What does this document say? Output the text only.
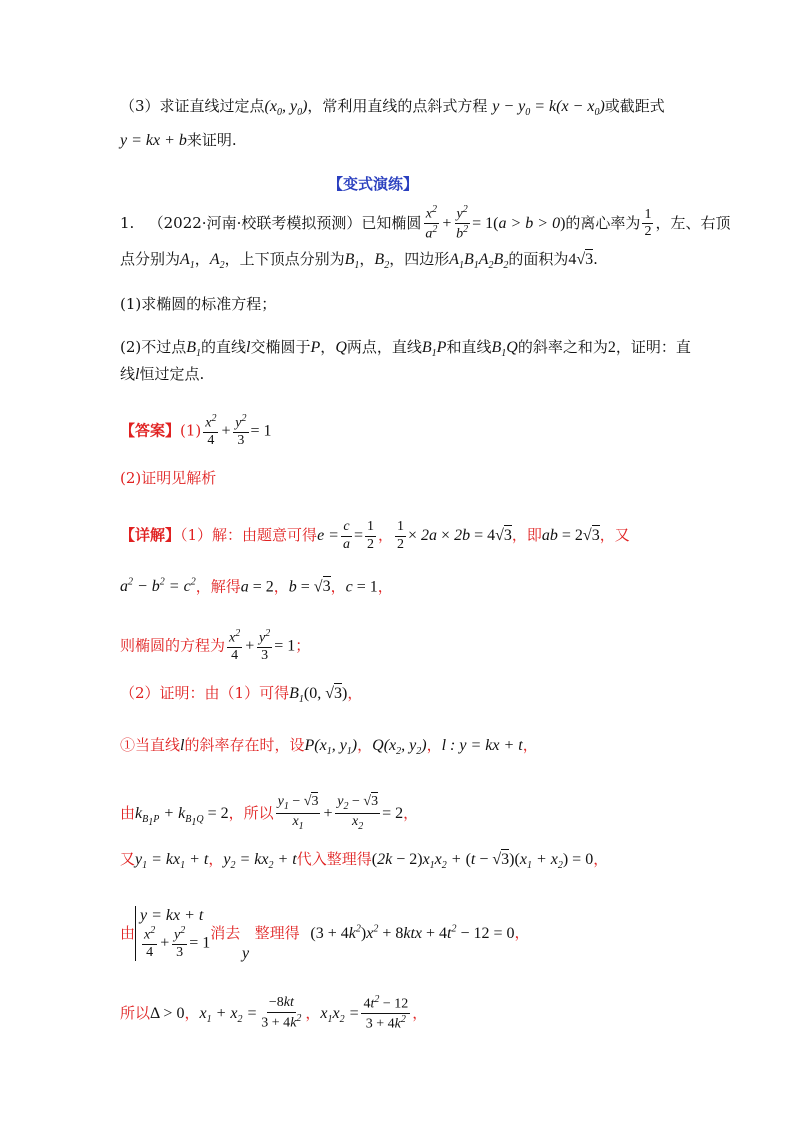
（3）求证直线过定点($x_0$, $y_0$)，常利用直线的点斜式方程 $y - y_0 = k(x - x_0)$或截距式
y = kx + b来证明.
【变式演练】
1. （2022·河南·校联考模拟预测）已知椭圆 $\frac{x^2}{a^2} + \frac{y^2}{b^2} = 1(a > b > 0)$的离心率为 $\frac{1}{2}$ ，左、右顶
点分别为$A_1$，$A_2$，上下顶点分别为$B_1$，$B_2$，四边形$A_1B_1A_2B_2$的面积为4√3.
(1)求椭圆的标准方程；
(2)不过点$B_1$的直线l交椭圆于P，Q两点，直线$B_1P$和直线$B_1Q$的斜率之和为2，证明：直
线l恒过定点.
【答案】$(1) \frac{x^2}{4} + \frac{y^2}{3} = 1$
(2)证明见解析
【详解】（1）解：由题意可得$e = \frac{c}{a} = \frac{1}{2}$ ， $\frac{1}{2} \times 2a \times 2b = 4√3$，即ab = 2√3，又
$a^2 - b^2 = c^2$，解得a = 2，b = √3，c = 1，
则椭圆的方程为 $\frac{x^2}{4} + \frac{y^2}{3} = 1$；
（2）证明：由（1）可得$B_1(0$, √3)，
①当直线l的斜率存在时，设$P(x_1$, $y_1$)，$Q(x_2$, $y_2$)，l : y = kx + t，
由$k_{B_1P} + k_{B_1Q} = 2$，所以 $\frac{y_1 - √3}{x_1} + \frac{y_2 - √3}{x_2} = 2$，
又$y_1 = kx_1 + t$，$y_2 = kx_2 + t$代入整理得$(2k - 2)x_1x_2 + (t - √3)(x_1 + x_2) = 0$，
由
y = kx + t
$\frac{x^2}{4} + \frac{y^2}{3} = 1$
消去 整理得
y
$(3 + 4k^2)x^2 + 8ktx + 4t^2 - 12 = 0$，
所以Δ > 0，$x_1 + x_2 = \frac{-8kt}{3 + 4k^2}$ ，$x_1x_2 = \frac{4t^2 - 12}{3 + 4k^2}$ ，
